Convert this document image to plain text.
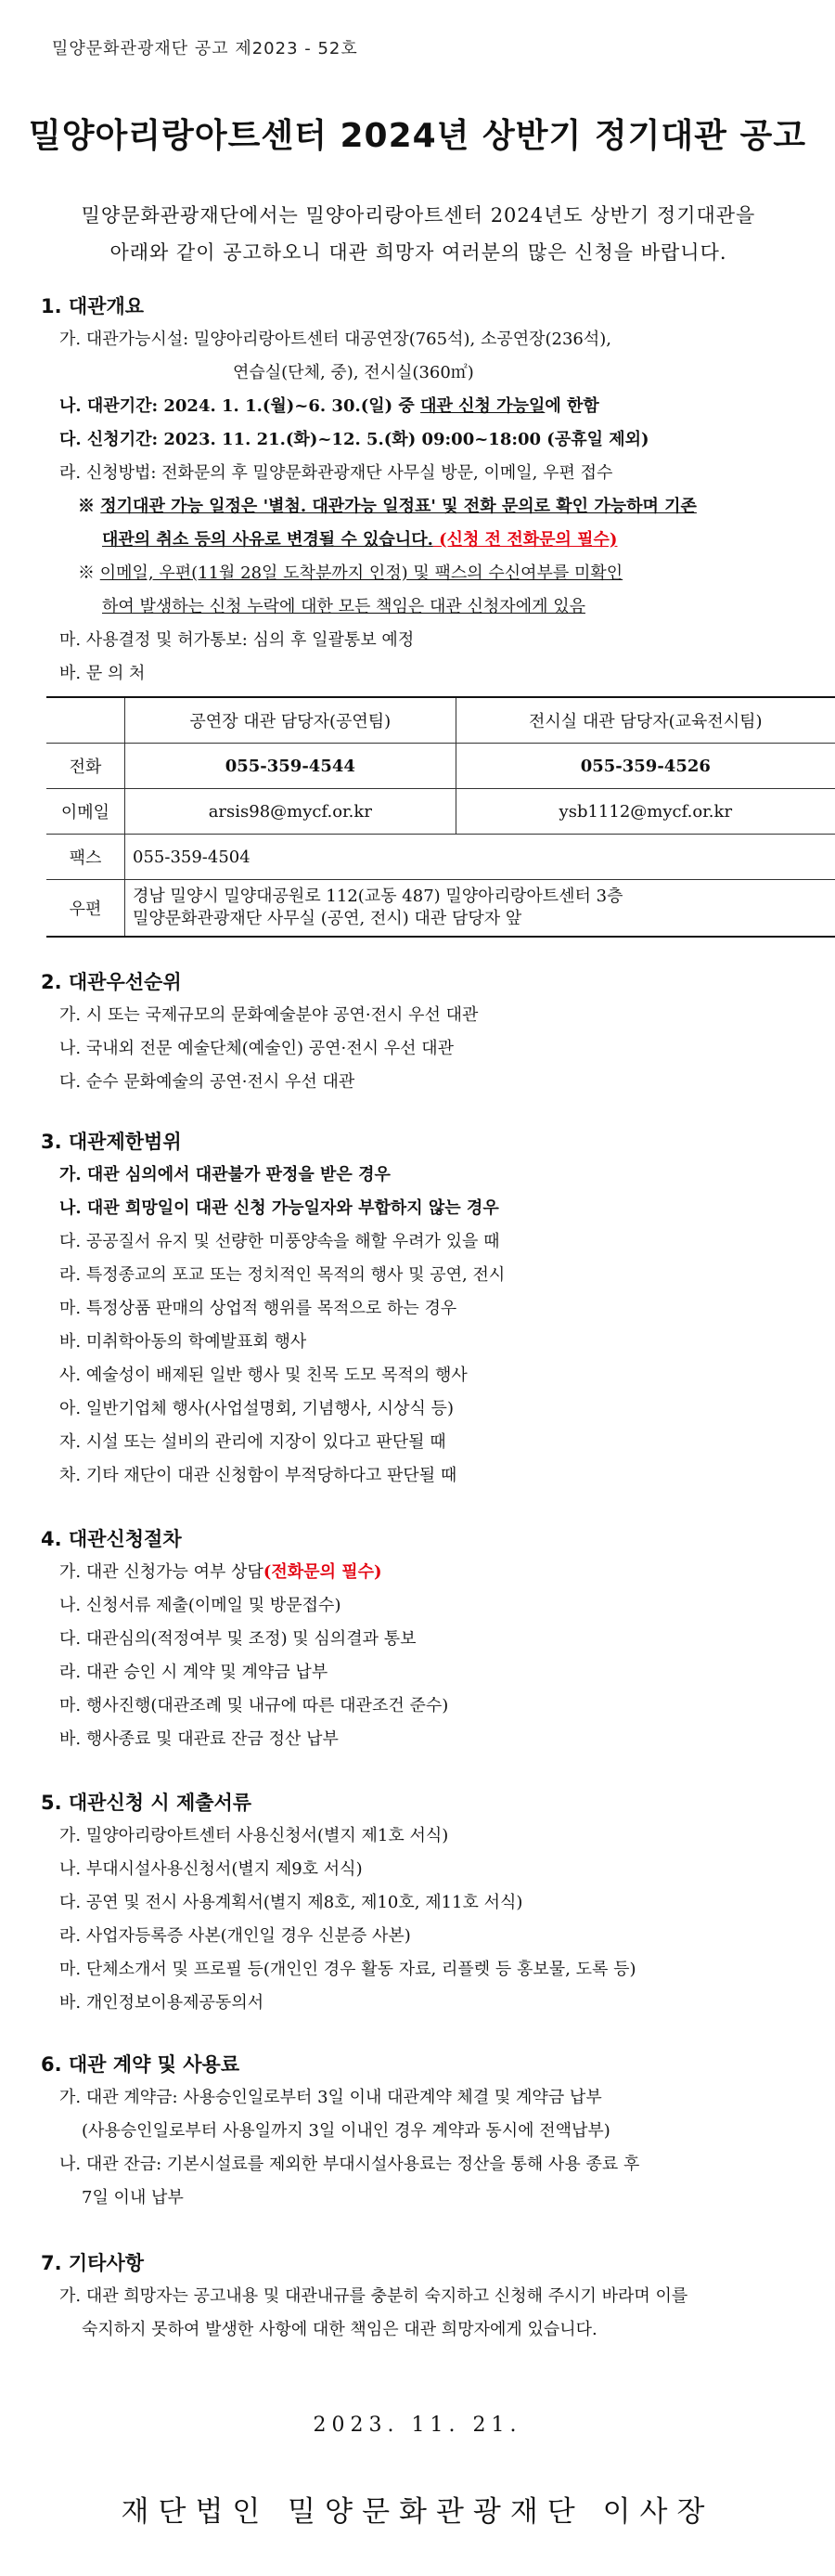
밀양문화관광재단 공고 제2023 - 52호
밀양아리랑아트센터 2024년 상반기 정기대관 공고
밀양문화관광재단에서는 밀양아리랑아트센터 2024년도 상반기 정기대관을
아래와 같이 공고하오니 대관 희망자 여러분의 많은 신청을 바랍니다.
1. 대관개요
가. 대관가능시설: 밀양아리랑아트센터 대공연장(765석), 소공연장(236석),
연습실(단체, 중), 전시실(360㎡)
나. 대관기간: 2024. 1. 1.(월)~6. 30.(일) 중 대관 신청 가능일에 한함
다. 신청기간: 2023. 11. 21.(화)~12. 5.(화) 09:00~18:00 (공휴일 제외)
라. 신청방법: 전화문의 후 밀양문화관광재단 사무실 방문, 이메일, 우편 접수
※ 정기대관 가능 일정은 '별첨. 대관가능 일정표' 및 전화 문의로 확인 가능하며 기존
대관의 취소 등의 사유로 변경될 수 있습니다. (신청 전 전화문의 필수)
※ 이메일, 우편(11월 28일 도착분까지 인정) 및 팩스의 수신여부를 미확인
하여 발생하는 신청 누락에 대한 모든 책임은 대관 신청자에게 있음
마. 사용결정 및 허가통보: 심의 후 일괄통보 예정
바. 문 의 처
	공연장 대관 담당자(공연팀)	전시실 대관 담당자(교육전시팀)
전화	055-359-4544	055-359-4526
이메일	arsis98@mycf.or.kr	ysb1112@mycf.or.kr
팩스	055-359-4504	
우편	경남 밀양시 밀양대공원로 112(교동 487) 밀양아리랑아트센터 3층
밀양문화관광재단 사무실 (공연, 전시) 대관 담당자 앞	
2. 대관우선순위
가. 시 또는 국제규모의 문화예술분야 공연·전시 우선 대관
나. 국내외 전문 예술단체(예술인) 공연·전시 우선 대관
다. 순수 문화예술의 공연·전시 우선 대관
3. 대관제한범위
가. 대관 심의에서 대관불가 판정을 받은 경우
나. 대관 희망일이 대관 신청 가능일자와 부합하지 않는 경우
다. 공공질서 유지 및 선량한 미풍양속을 해할 우려가 있을 때
라. 특정종교의 포교 또는 정치적인 목적의 행사 및 공연, 전시
마. 특정상품 판매의 상업적 행위를 목적으로 하는 경우
바. 미취학아동의 학예발표회 행사
사. 예술성이 배제된 일반 행사 및 친목 도모 목적의 행사
아. 일반기업체 행사(사업설명회, 기념행사, 시상식 등)
자. 시설 또는 설비의 관리에 지장이 있다고 판단될 때
차. 기타 재단이 대관 신청함이 부적당하다고 판단될 때
4. 대관신청절차
가. 대관 신청가능 여부 상담(전화문의 필수)
나. 신청서류 제출(이메일 및 방문접수)
다. 대관심의(적정여부 및 조정) 및 심의결과 통보
라. 대관 승인 시 계약 및 계약금 납부
마. 행사진행(대관조례 및 내규에 따른 대관조건 준수)
바. 행사종료 및 대관료 잔금 정산 납부
5. 대관신청 시 제출서류
가. 밀양아리랑아트센터 사용신청서(별지 제1호 서식)
나. 부대시설사용신청서(별지 제9호 서식)
다. 공연 및 전시 사용계획서(별지 제8호, 제10호, 제11호 서식)
라. 사업자등록증 사본(개인일 경우 신분증 사본)
마. 단체소개서 및 프로필 등(개인인 경우 활동 자료, 리플렛 등 홍보물, 도록 등)
바. 개인정보이용제공동의서
6. 대관 계약 및 사용료
가. 대관 계약금: 사용승인일로부터 3일 이내 대관계약 체결 및 계약금 납부
(사용승인일로부터 사용일까지 3일 이내인 경우 계약과 동시에 전액납부)
나. 대관 잔금: 기본시설료를 제외한 부대시설사용료는 정산을 통해 사용 종료 후
7일 이내 납부
7. 기타사항
가. 대관 희망자는 공고내용 및 대관내규를 충분히 숙지하고 신청해 주시기 바라며 이를
숙지하지 못하여 발생한 사항에 대한 책임은 대관 희망자에게 있습니다.
2023. 11. 21.
재단법인 밀양문화관광재단 이사장
